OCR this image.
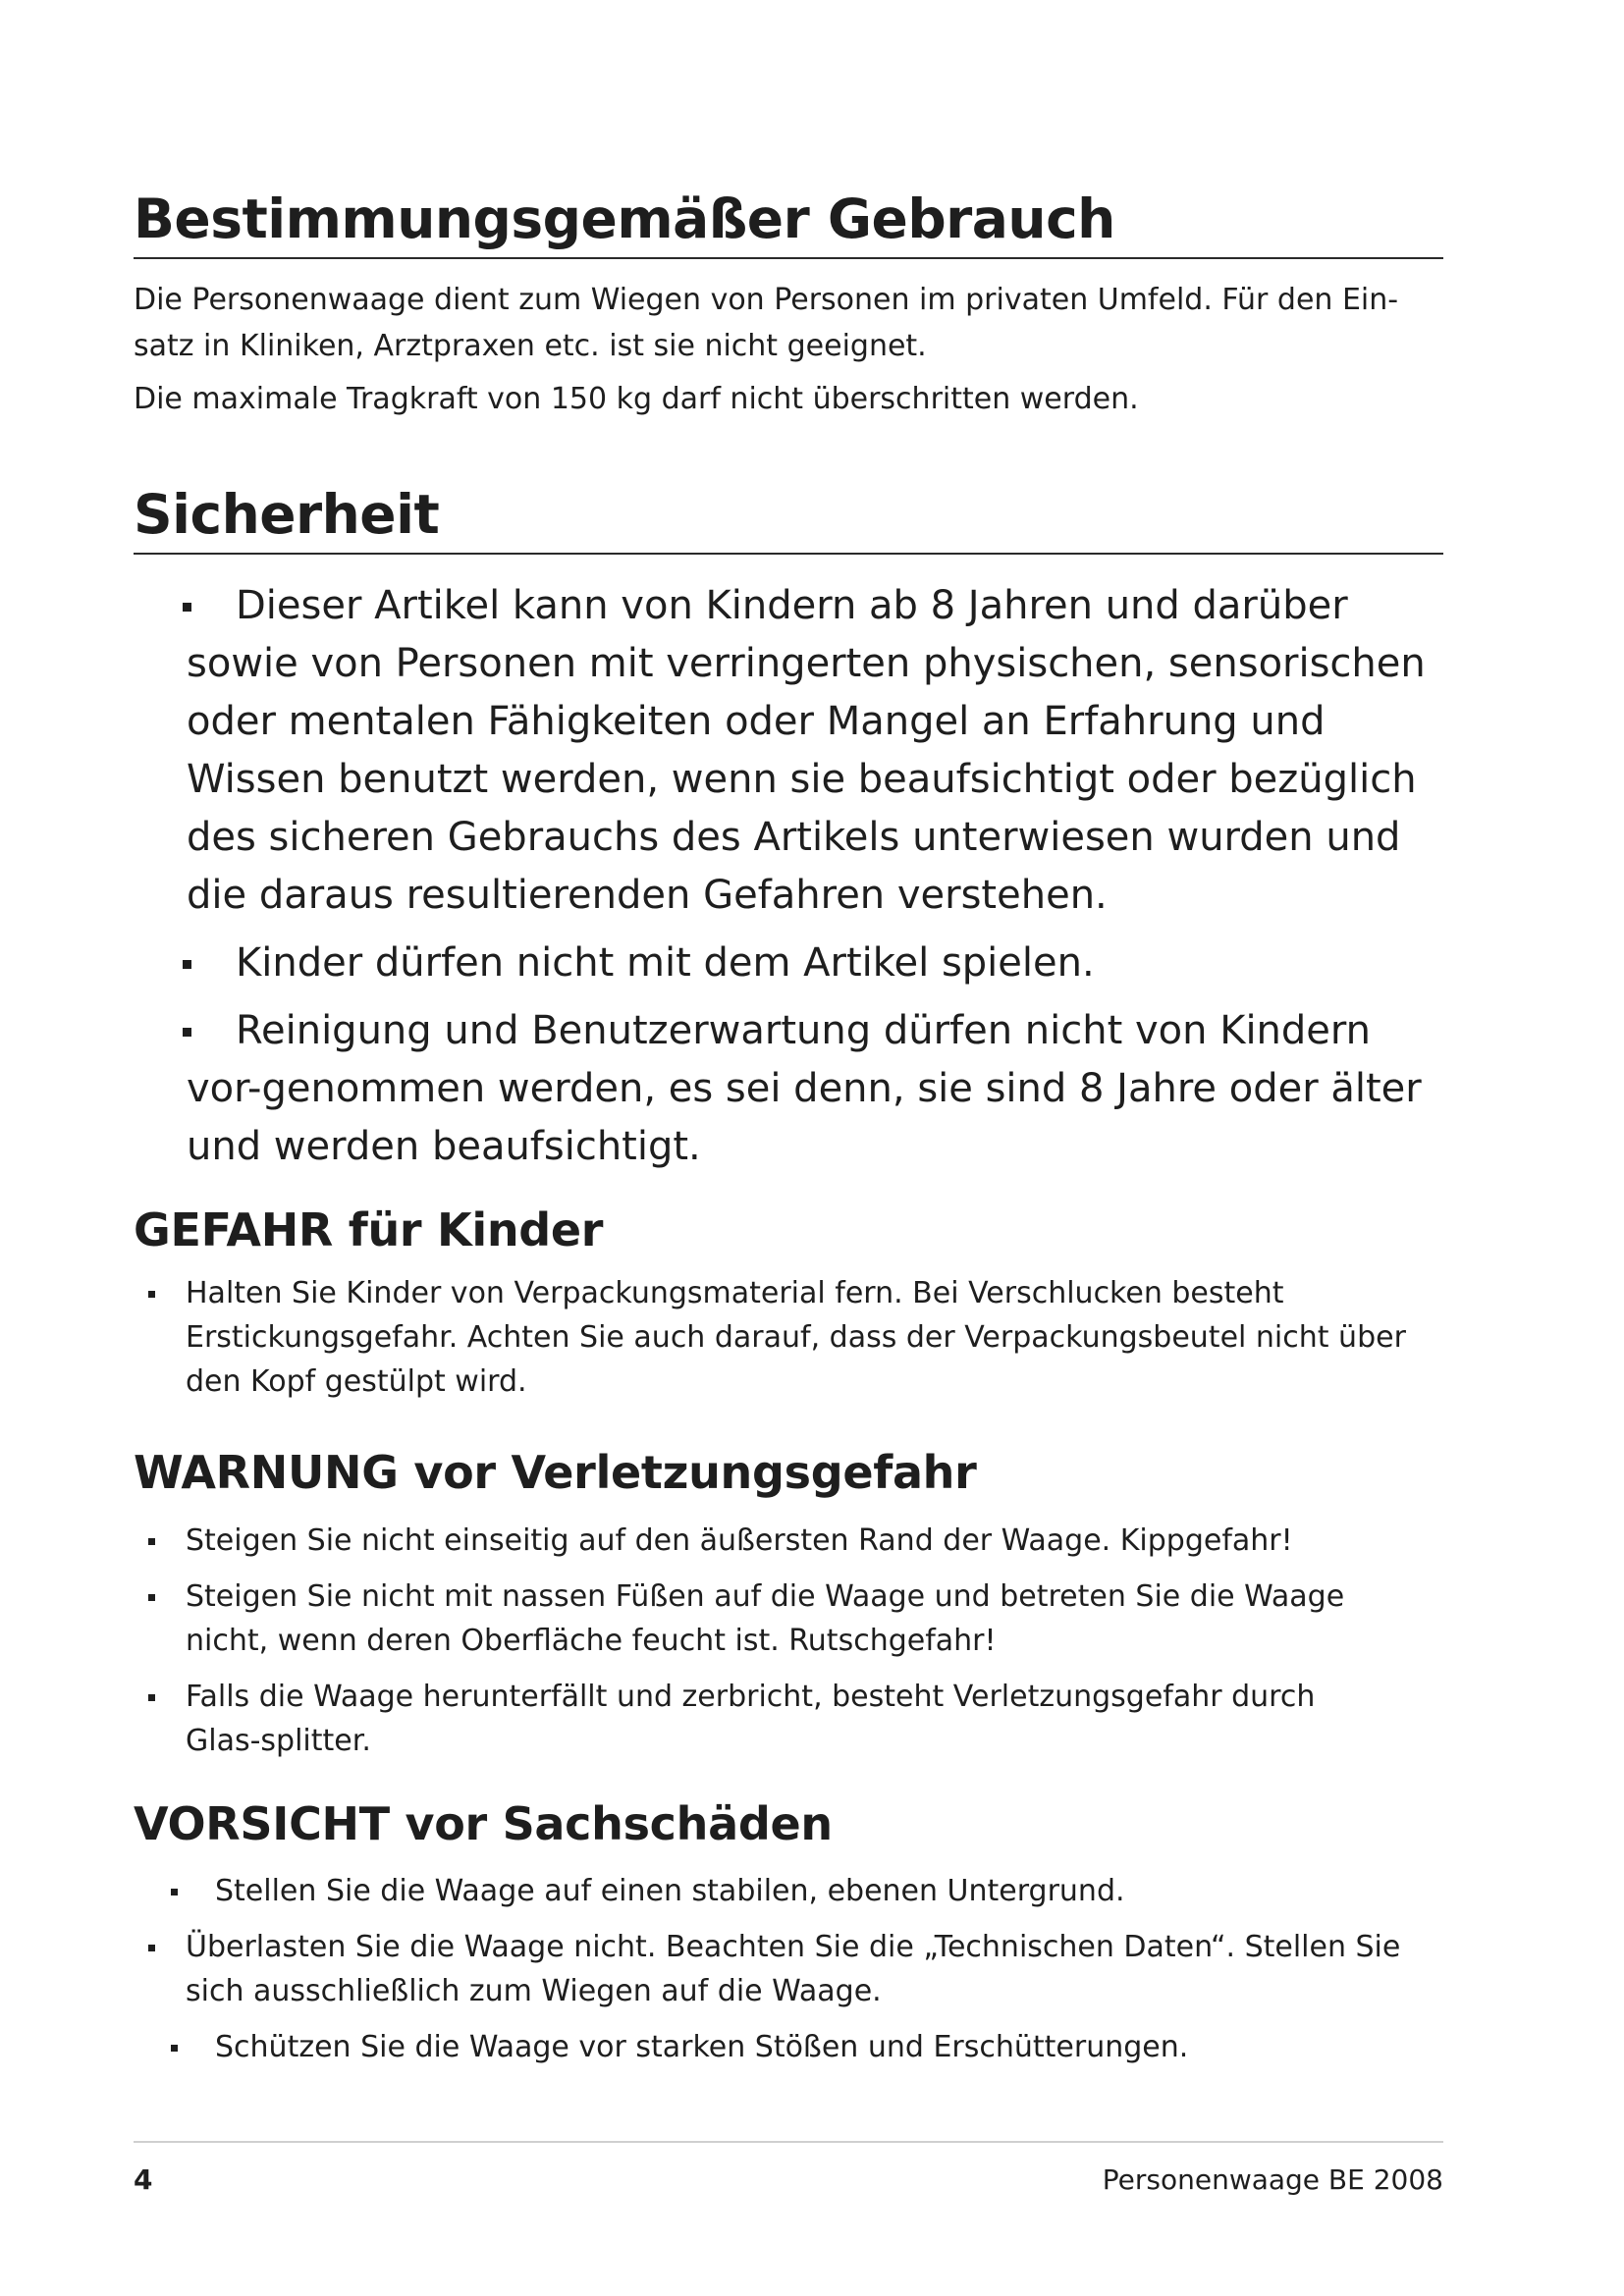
Bestimmungsgemäßer Gebrauch
Die Personenwaage dient zum Wiegen von Personen im privaten Umfeld. Für den Ein-
satz in Kliniken, Arztpraxen etc. ist sie nicht geeignet.
Die maximale Tragkraft von 150 kg darf nicht überschritten werden.
Sicherheit
Dieser Artikel kann von Kindern ab 8 Jahren und darüber sowie von Personen mit verringerten physischen, sensorischen oder mentalen Fähigkeiten oder Mangel an Erfahrung und Wissen benutzt werden, wenn sie beaufsichtigt oder bezüglich des sicheren Gebrauchs des Artikels unterwiesen wurden und die daraus resultierenden Gefahren verstehen.
Kinder dürfen nicht mit dem Artikel spielen.
Reinigung und Benutzerwartung dürfen nicht von Kindern vor-genommen werden, es sei denn, sie sind 8 Jahre oder älter und werden beaufsichtigt.
GEFAHR für Kinder
Halten Sie Kinder von Verpackungsmaterial fern. Bei Verschlucken besteht Erstickungsgefahr. Achten Sie auch darauf, dass der Verpackungsbeutel nicht über den Kopf gestülpt wird.
WARNUNG vor Verletzungsgefahr
Steigen Sie nicht einseitig auf den äußersten Rand der Waage. Kippgefahr!
Steigen Sie nicht mit nassen Füßen auf die Waage und betreten Sie die Waage nicht, wenn deren Oberfläche feucht ist. Rutschgefahr!
Falls die Waage herunterfällt und zerbricht, besteht Verletzungsgefahr durch Glas-splitter.
VORSICHT vor Sachschäden
Stellen Sie die Waage auf einen stabilen, ebenen Untergrund.
Überlasten Sie die Waage nicht. Beachten Sie die „Technischen Daten“. Stellen Sie sich ausschließlich zum Wiegen auf die Waage.
Schützen Sie die Waage vor starken Stößen und Erschütterungen.
4	Personenwaage BE 2008
